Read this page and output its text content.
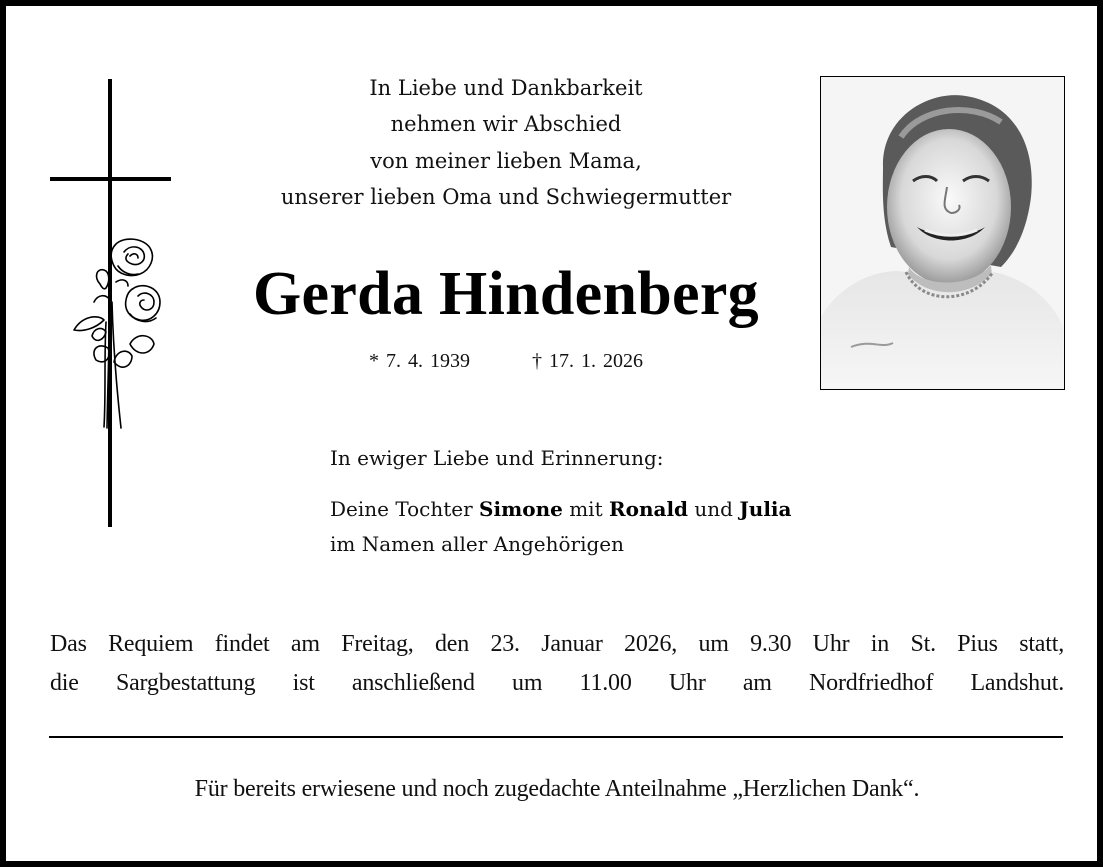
In Liebe und Dankbarkeit
nehmen wir Abschied
von meiner lieben Mama,
unserer lieben Oma und Schwiegermutter
Gerda Hindenberg
* 7. 4. 1939	† 17. 1. 2026
In ewiger Liebe und Erinnerung:
Deine Tochter Simone mit Ronald und Julia
im Namen aller Angehörigen
Das Requiem findet am Freitag, den 23. Januar 2026, um 9.30 Uhr in St. Pius statt,
die Sargbestattung ist anschließend um 11.00 Uhr am Nordfriedhof Landshut.
Für bereits erwiesene und noch zugedachte Anteilnahme „Herzlichen Dank“.
